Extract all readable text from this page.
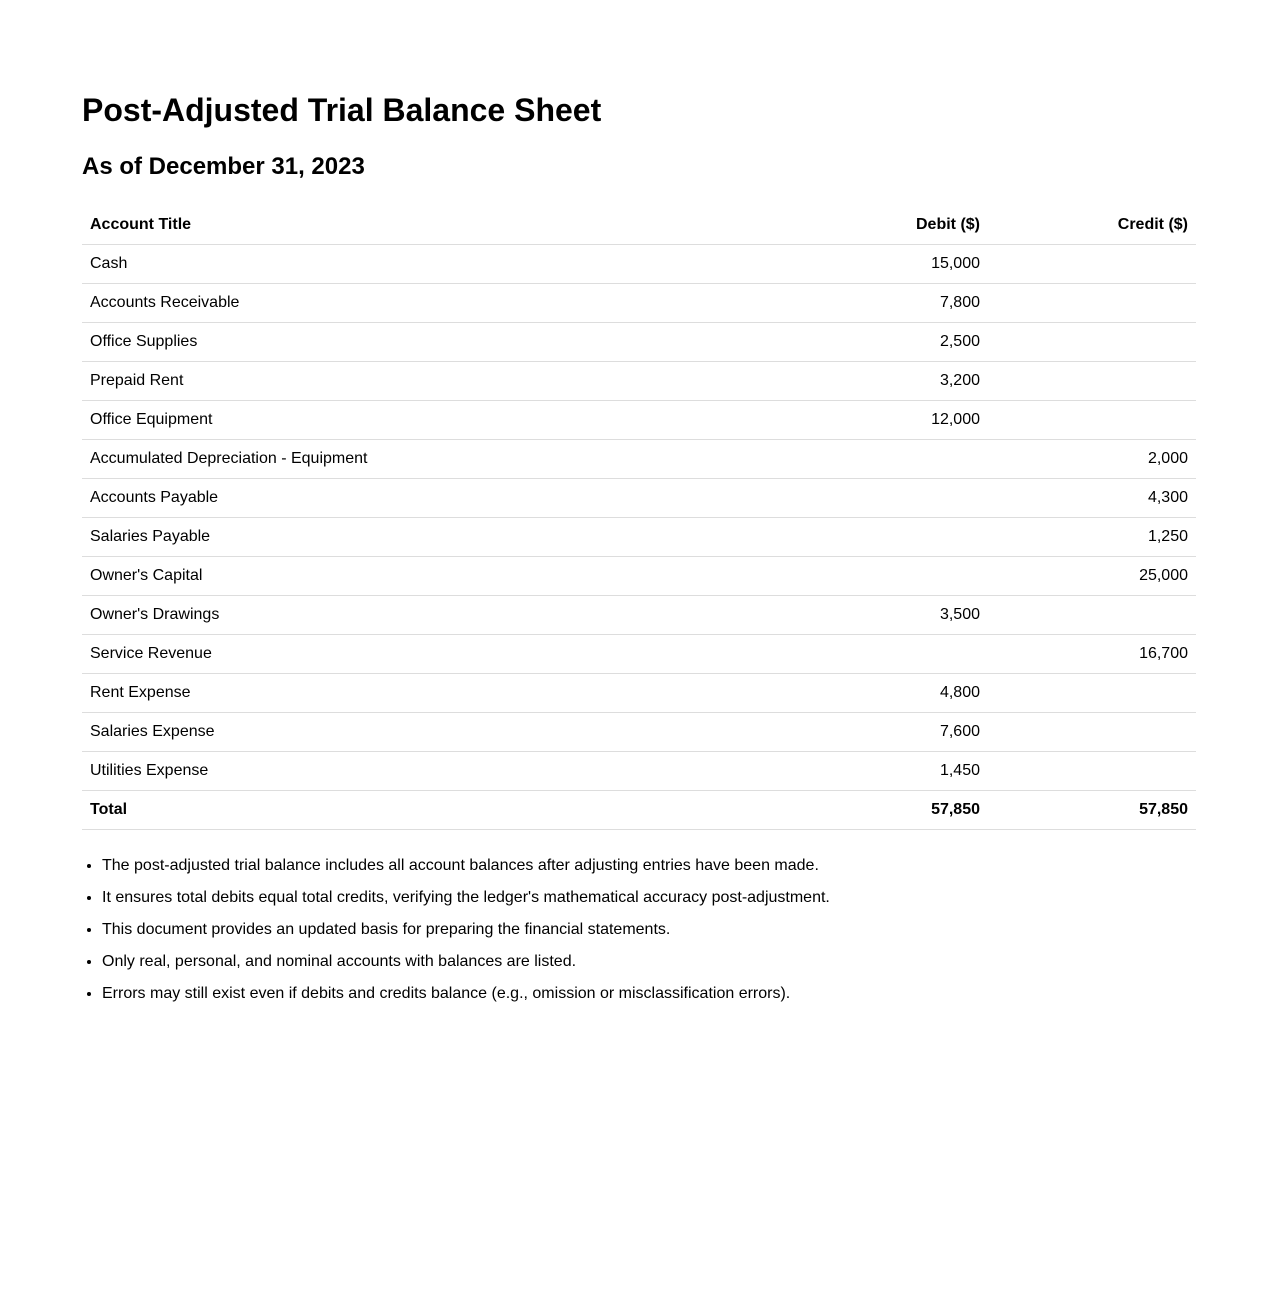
Post-Adjusted Trial Balance Sheet
As of December 31, 2023
Account Title	Debit ($)	Credit ($)
Cash	15,000	
Accounts Receivable	7,800	
Office Supplies	2,500	
Prepaid Rent	3,200	
Office Equipment	12,000	
Accumulated Depreciation - Equipment		2,000
Accounts Payable		4,300
Salaries Payable		1,250
Owner's Capital		25,000
Owner's Drawings	3,500	
Service Revenue		16,700
Rent Expense	4,800	
Salaries Expense	7,600	
Utilities Expense	1,450	
Total	57,850	57,850
• The post-adjusted trial balance includes all account balances after adjusting entries have been made.
• It ensures total debits equal total credits, verifying the ledger's mathematical accuracy post-adjustment.
• This document provides an updated basis for preparing the financial statements.
• Only real, personal, and nominal accounts with balances are listed.
• Errors may still exist even if debits and credits balance (e.g., omission or misclassification errors).
